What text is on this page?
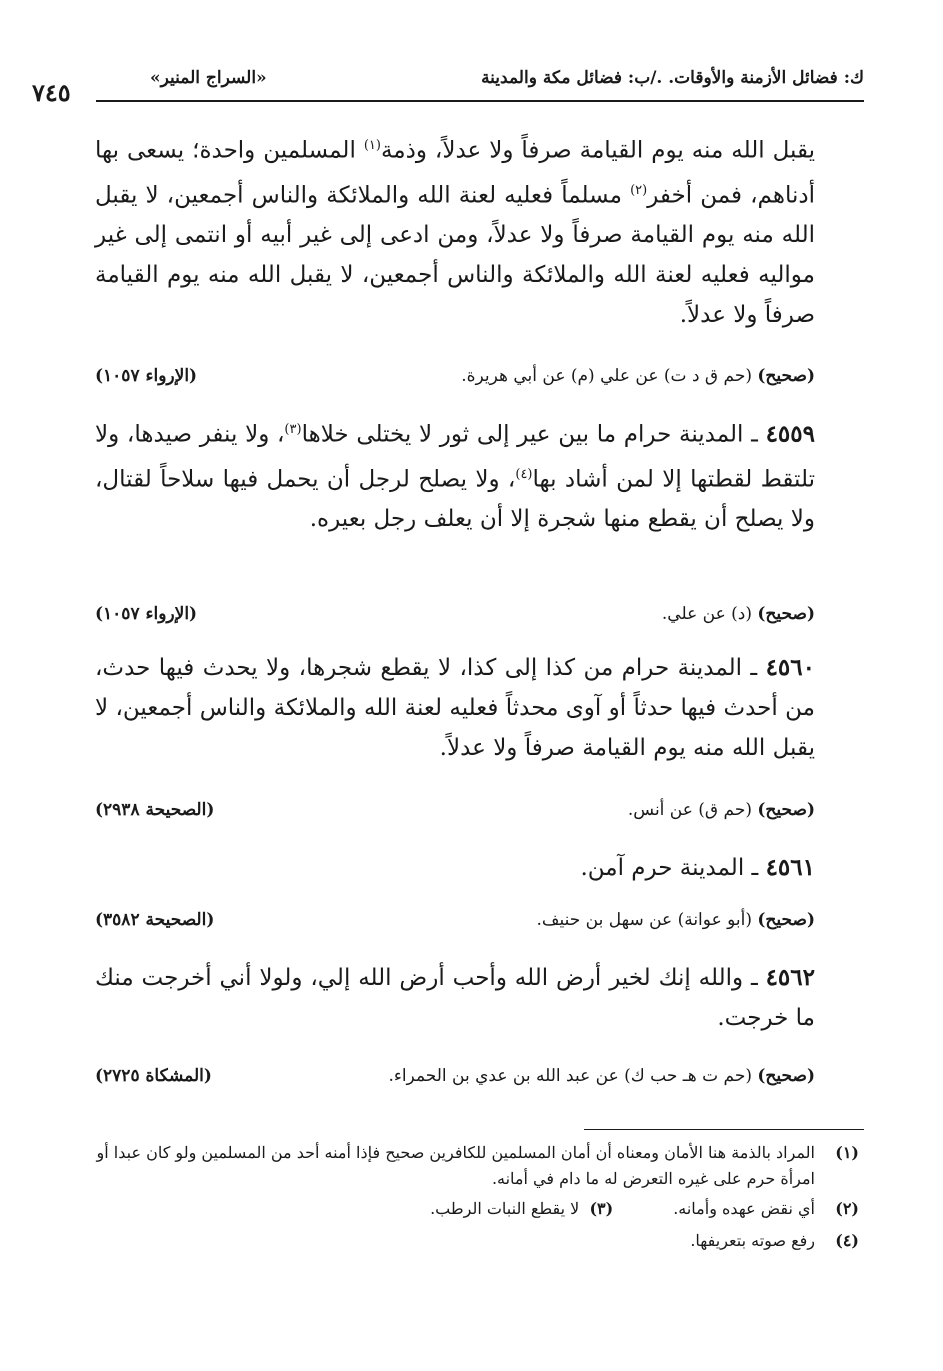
ك: فضائل الأزمنة والأوقات. ./ب: فضائل مكة والمدينة
«السراج المنير»
٧٤٥
يقبل الله منه يوم القيامة صرفاً ولا عدلاً، وذمة$^{(١)}$ المسلمين واحدة؛ يسعى بها أدناهم، فمن أخفر$^{(٢)}$ مسلماً فعليه لعنة الله والملائكة والناس أجمعين، لا يقبل الله منه يوم القيامة صرفاً ولا عدلاً، ومن ادعى إلى غير أبيه أو انتمى إلى غير مواليه فعليه لعنة الله والملائكة والناس أجمعين، لا يقبل الله منه يوم القيامة صرفاً ولا عدلاً.
(صحيح) (حم ق د ت) عن علي (م) عن أبي هريرة.
(الإرواء ١٠٥٧)
٤٥٥٩ ـ المدينة حرام ما بين عير إلى ثور لا يختلى خلاها$^{(٣)}$، ولا ينفر صيدها، ولا تلتقط لقطتها إلا لمن أشاد بها$^{(٤)}$، ولا يصلح لرجل أن يحمل فيها سلاحاً لقتال، ولا يصلح أن يقطع منها شجرة إلا أن يعلف رجل بعيره.
(صحيح) (د) عن علي.
(الإرواء ١٠٥٧)
٤٥٦٠ ـ المدينة حرام من كذا إلى كذا، لا يقطع شجرها، ولا يحدث فيها حدث، من أحدث فيها حدثاً أو آوى محدثاً فعليه لعنة الله والملائكة والناس أجمعين، لا يقبل الله منه يوم القيامة صرفاً ولا عدلاً.
(صحيح) (حم ق) عن أنس.
(الصحيحة ٢٩٣٨)
٤٥٦١ ـ المدينة حرم آمن.
(صحيح) (أبو عوانة) عن سهل بن حنيف.
(الصحيحة ٣٥٨٢)
٤٥٦٢ ـ والله إنك لخير أرض الله وأحب أرض الله إلي، ولولا أني أخرجت منك ما خرجت.
(صحيح) (حم ت هـ حب ك) عن عبد الله بن عدي بن الحمراء.
(المشكاة ٢٧٢٥)
(١)
المراد بالذمة هنا الأمان ومعناه أن أمان المسلمين للكافرين صحيح فإذا أمنه أحد من المسلمين ولو كان عبدا أو امرأة حرم على غيره التعرض له ما دام في أمانه.
(٢)
أي نقض عهده وأمانه.(٣)  لا يقطع النبات الرطب.
(٤)
رفع صوته بتعريفها.
